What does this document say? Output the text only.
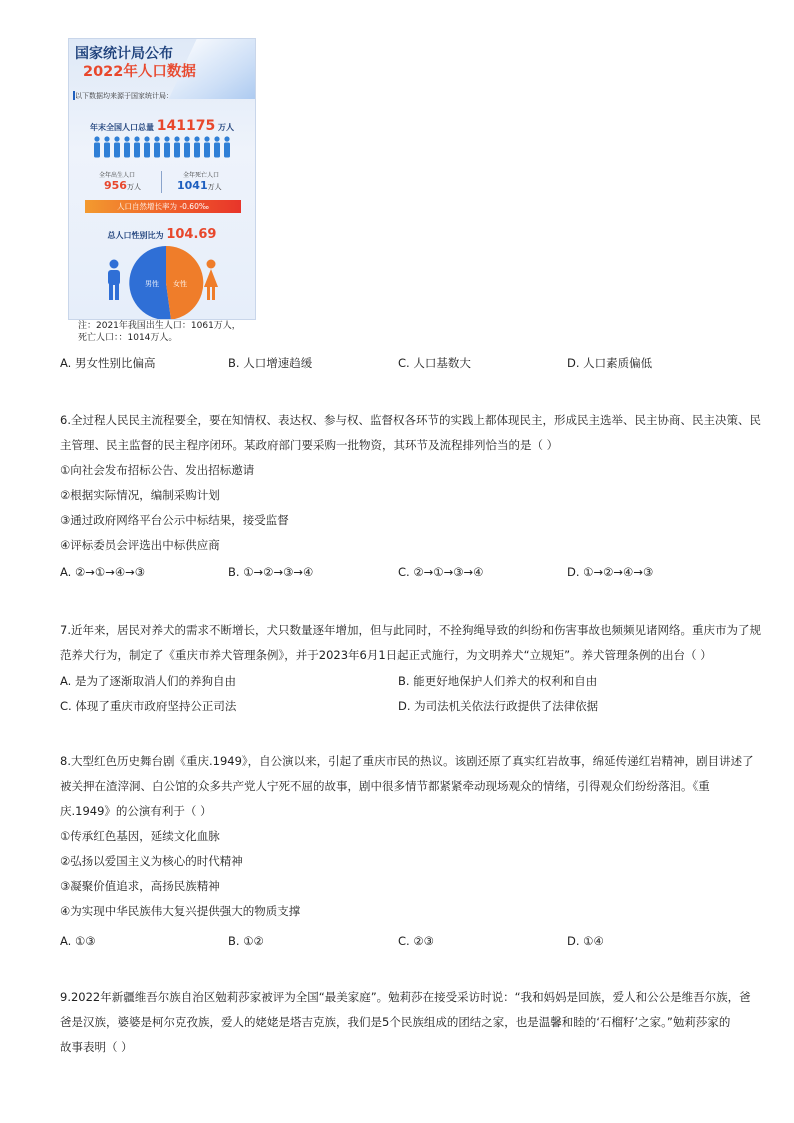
国家统计局公布
2022年人口数据
以下数据均来源于国家统计局：
年末全国人口总量 141175 万人
全年出生人口
956万人
全年死亡人口
1041万人
人口自然增长率为 -0.60‰
总人口性别比为 104.69
男性 女性
注：2021年我国出生人口：1061万人，
死亡人口：：1014万人。
A. 男女性别比偏高	B. 人口增速趋缓	C. 人口基数大	D. 人口素质偏低
6.全过程人民民主流程要全，要在知情权、表达权、参与权、监督权各环节的实践上都体现民主，形成民主选举、民主协商、民主决策、民
主管理、民主监督的民主程序闭环。某政府部门要采购一批物资，其环节及流程排列恰当的是（ ）
①向社会发布招标公告、发出招标邀请
②根据实际情况，编制采购计划
③通过政府网络平台公示中标结果，接受监督
④评标委员会评选出中标供应商
A. ②→①→④→③	B. ①→②→③→④	C. ②→①→③→④	D. ①→②→④→③
7.近年来，居民对养犬的需求不断增长，犬只数量逐年增加，但与此同时，不拴狗绳导致的纠纷和伤害事故也频频见诸网络。重庆市为了规
范养犬行为，制定了《重庆市养犬管理条例》，并于2023年6月1日起正式施行，为文明养犬“立规矩”。养犬管理条例的出台（ ）
A. 是为了逐渐取消人们的养狗自由	B. 能更好地保护人们养犬的权利和自由
C. 体现了重庆市政府坚持公正司法	D. 为司法机关依法行政提供了法律依据
8.大型红色历史舞台剧《重庆.1949》，自公演以来，引起了重庆市民的热议。该剧还原了真实红岩故事，绵延传递红岩精神，剧目讲述了
被关押在渣滓洞、白公馆的众多共产党人宁死不屈的故事，剧中很多情节都紧紧牵动现场观众的情绪，引得观众们纷纷落泪。《重
庆.1949》的公演有利于（ ）
①传承红色基因，延续文化血脉
②弘扬以爱国主义为核心的时代精神
③凝聚价值追求，高扬民族精神
④为实现中华民族伟大复兴提供强大的物质支撑
A. ①③	B. ①②	C. ②③	D. ①④
9.2022年新疆维吾尔族自治区勉莉莎家被评为全国“最美家庭”。勉莉莎在接受采访时说：“我和妈妈是回族，爱人和公公是维吾尔族，爸
爸是汉族，婆婆是柯尔克孜族，爱人的姥姥是塔吉克族，我们是5个民族组成的团结之家，也是温馨和睦的‘石榴籽’之家。”勉莉莎家的
故事表明（ ）
